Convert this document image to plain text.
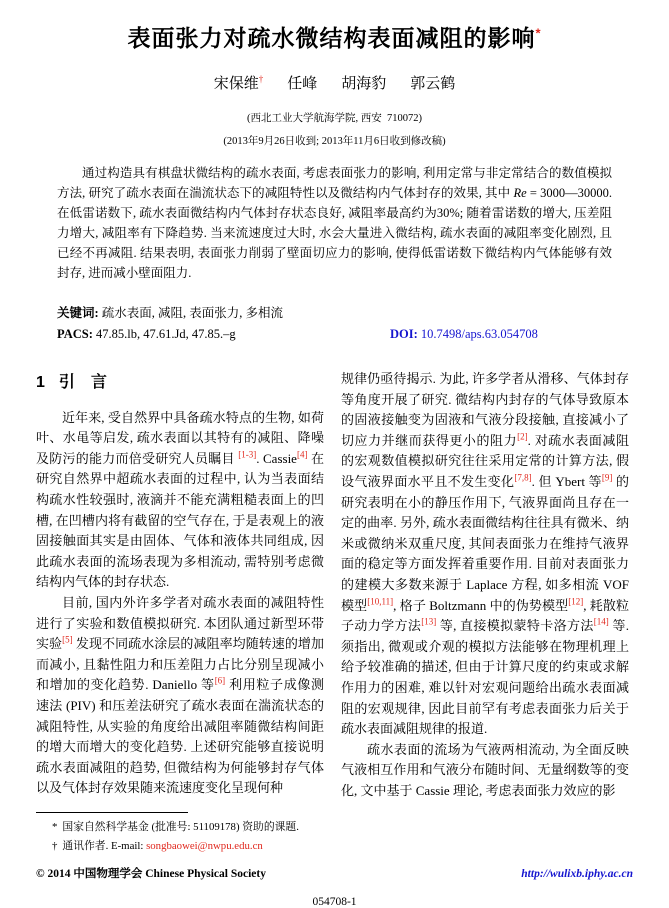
表面张力对疏水微结构表面减阻的影响*
宋保维† 任峰 胡海豹 郭云鹤
(西北工业大学航海学院, 西安  710072)
(2013年9月26日收到; 2013年11月6日收到修改稿)

通过构造具有棋盘状微结构的疏水表面, 考虑表面张力的影响, 利用定常与非定常结合的数值模拟方法, 研究了疏水表面在湍流状态下的减阻特性以及微结构内气体封存的效果, 其中 Re = 3000—30000. 在低雷诺数下, 疏水表面微结构内气体封存状态良好, 减阻率最高约为30%; 随着雷诺数的增大, 压差阻力增大, 减阻率有下降趋势. 当来流速度过大时, 水会大量进入微结构, 疏水表面的减阻率变化剧烈, 且已经不再减阻. 结果表明, 表面张力削弱了壁面切应力的影响, 使得低雷诺数下微结构内气体能够有效封存, 进而减小壁面阻力.

关键词: 疏水表面, 减阻, 表面张力, 多相流
PACS: 47.85.lb, 47.61.Jd, 47.85.–g	DOI: 10.7498/aps.63.054708
1 引　言

近年来, 受自然界中具备疏水特点的生物, 如荷叶、水黾等启发, 疏水表面以其特有的减阻、降噪及防污的能力而倍受研究人员瞩目 [1-3]. Cassie[4] 在研究自然界中超疏水表面的过程中, 认为当表面结构疏水性较强时, 液滴并不能充满粗糙表面上的凹槽, 在凹槽内将有截留的空气存在, 于是表观上的液固接触面其实是由固体、气体和液体共同组成, 因此疏水表面的流场表现为多相流动, 需特别考虑微结构内气体的封存状态.

目前, 国内外许多学者对疏水表面的减阻特性进行了实验和数值模拟研究. 本团队通过新型环带实验[5] 发现不同疏水涂层的减阻率均随转速的增加而减小, 且黏性阻力和压差阻力占比分别呈现减小和增加的变化趋势. Daniello 等[6] 利用粒子成像测速法 (PIV) 和压差法研究了疏水表面在湍流状态的减阻特性, 从实验的角度给出减阻率随微结构间距的增大而增大的变化趋势. 上述研究能够直接说明疏水表面减阻的趋势, 但微结构为何能够封存气体以及气体封存效果随来流速度变化呈现何种

* 国家自然科学基金 (批准号: 51109178) 资助的课题.
† 通讯作者. E-mail: songbaowei@nwpu.edu.cn

规律仍亟待揭示. 为此, 许多学者从滑移、气体封存等角度开展了研究. 微结构内封存的气体导致原本的固液接触变为固液和气液分段接触, 直接减小了切应力并继而获得更小的阻力[2]. 对疏水表面减阻的宏观数值模拟研究往往采用定常的计算方法, 假设气液界面水平且不发生变化[7,8]. 但 Ybert 等[9] 的研究表明在小的静压作用下, 气液界面尚且存在一定的曲率. 另外, 疏水表面微结构往往具有微米、纳米或微纳米双重尺度, 其间表面张力在维持气液界面的稳定等方面发挥着重要作用. 目前对表面张力的建模大多数来源于 Laplace 方程, 如多相流 VOF 模型[10,11], 格子 Boltzmann 中的伪势模型[12], 耗散粒子动力学方法[13] 等, 直接模拟蒙特卡洛方法[14] 等. 须指出, 微观或介观的模拟方法能够在物理机理上给予较准确的描述, 但由于计算尺度的约束或求解作用力的困难, 难以针对宏观问题给出疏水表面减阻的宏观规律, 因此目前罕有考虑表面张力后关于疏水表面减阻规律的报道.

疏水表面的流场为气液两相流动, 为全面反映气液相互作用和气液分布随时间、无量纲数等的变化, 文中基于 Cassie 理论, 考虑表面张力效应的影

© 2014 中国物理学会 Chinese Physical Society	http://wulixb.iphy.ac.cn
054708-1
